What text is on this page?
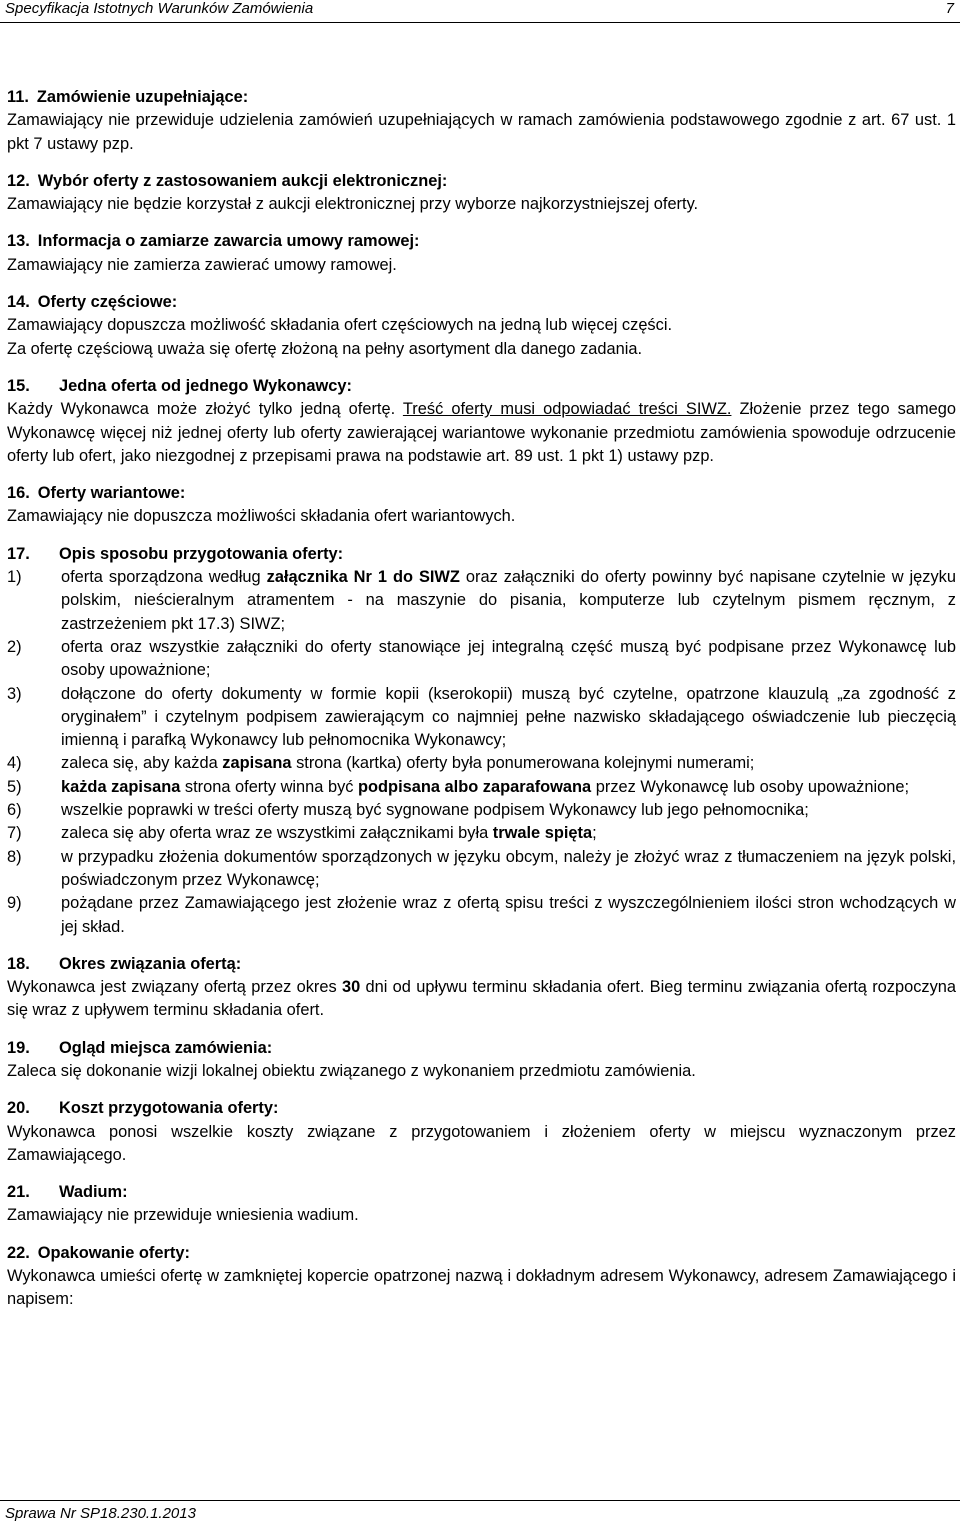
Specyfikacja Istotnych Warunków Zamówienia	7
11. Zamówienie uzupełniające:
Zamawiający nie przewiduje udzielenia zamówień uzupełniających w ramach zamówienia podstawowego zgodnie z art. 67 ust. 1 pkt 7 ustawy pzp.
12. Wybór oferty z zastosowaniem aukcji elektronicznej:
Zamawiający nie będzie korzystał z aukcji elektronicznej przy wyborze najkorzystniejszej oferty.
13. Informacja o zamiarze zawarcia umowy ramowej:
Zamawiający nie zamierza zawierać umowy ramowej.
14. Oferty częściowe:
Zamawiający dopuszcza możliwość składania ofert częściowych na jedną lub więcej części.
Za ofertę częściową uważa się ofertę złożoną na pełny asortyment dla danego zadania.
15. Jedna oferta od jednego Wykonawcy:
Każdy Wykonawca może złożyć tylko jedną ofertę. Treść oferty musi odpowiadać treści SIWZ. Złożenie przez tego samego Wykonawcę więcej niż jednej oferty lub oferty zawierającej wariantowe wykonanie przedmiotu zamówienia spowoduje odrzucenie oferty lub ofert, jako niezgodnej z przepisami prawa na podstawie art. 89 ust. 1 pkt 1) ustawy pzp.
16. Oferty wariantowe:
Zamawiający nie dopuszcza możliwości składania ofert wariantowych.
17. Opis sposobu przygotowania oferty:
1)	oferta sporządzona według załącznika Nr 1 do SIWZ oraz załączniki do oferty powinny być napisane czytelnie w języku polskim, nieścieralnym atramentem - na maszynie do pisania, komputerze lub czytelnym pismem ręcznym, z zastrzeżeniem pkt 17.3) SIWZ;
2)	oferta oraz wszystkie załączniki do oferty stanowiące jej integralną część muszą być podpisane przez Wykonawcę lub osoby upoważnione;
3)	dołączone do oferty dokumenty w formie kopii (kserokopii) muszą być czytelne, opatrzone klauzulą „za zgodność z oryginałem” i czytelnym podpisem zawierającym co najmniej pełne nazwisko składającego oświadczenie lub pieczęcią imienną i parafką Wykonawcy lub pełnomocnika Wykonawcy;
4)	zaleca się, aby każda zapisana strona (kartka) oferty była ponumerowana kolejnymi numerami;
5)	każda zapisana strona oferty winna być podpisana albo zaparafowana przez Wykonawcę lub osoby upoważnione;
6)	wszelkie poprawki w treści oferty muszą być sygnowane podpisem Wykonawcy lub jego pełnomocnika;
7)	zaleca się aby oferta wraz ze wszystkimi załącznikami była trwale spięta;
8)	w przypadku złożenia dokumentów sporządzonych w języku obcym, należy je złożyć wraz z tłumaczeniem na język polski, poświadczonym przez Wykonawcę;
9)	pożądane przez Zamawiającego jest złożenie wraz z ofertą spisu treści z wyszczególnieniem ilości stron wchodzących w jej skład.
18. Okres związania ofertą:
Wykonawca jest związany ofertą przez okres 30 dni od upływu terminu składania ofert. Bieg terminu związania ofertą rozpoczyna się wraz z upływem terminu składania ofert.
19. Ogląd miejsca zamówienia:
Zaleca się dokonanie wizji lokalnej obiektu związanego z wykonaniem przedmiotu zamówienia.
20. Koszt przygotowania oferty:
Wykonawca ponosi wszelkie koszty związane z przygotowaniem i złożeniem oferty w miejscu wyznaczonym przez Zamawiającego.
21. Wadium:
Zamawiający nie przewiduje wniesienia wadium.
22. Opakowanie oferty:
Wykonawca umieści ofertę w zamkniętej kopercie opatrzonej nazwą i dokładnym adresem Wykonawcy, adresem Zamawiającego i napisem:
Sprawa Nr SP18.230.1.2013
